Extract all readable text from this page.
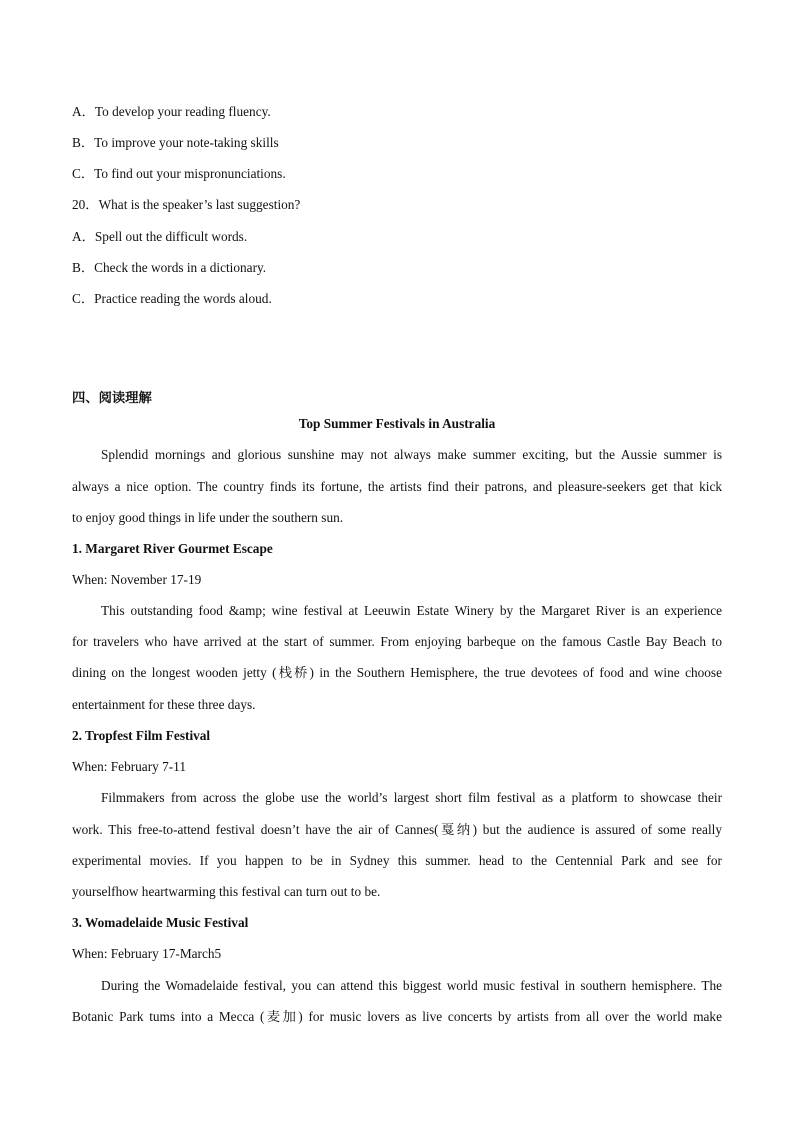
A．To develop your reading fluency.
B．To improve your note-taking skills
C．To find out your mispronunciations.
20．What is the speaker’s last suggestion?
A．Spell out the difficult words.
B．Check the words in a dictionary.
C．Practice reading the words aloud.
四、阅读理解
Top Summer Festivals in Australia
Splendid mornings and glorious sunshine may not always make summer exciting, but the Aussie summer is
always a nice option. The country finds its fortune, the artists find their patrons, and pleasure-seekers get that kick
to enjoy good things in life under the southern sun.
1. Margaret River Gourmet Escape
When: November 17-19
This outstanding food &amp; wine festival at Leeuwin Estate Winery by the Margaret River is an experience
for travelers who have arrived at the start of summer. From enjoying barbeque on the famous Castle Bay Beach to
dining on the longest wooden jetty (栈桥) in the Southern Hemisphere, the true devotees of food and wine choose
entertainment for these three days.
2. Tropfest Film Festival
When: February 7-11
Filmmakers from across the globe use the world’s largest short film festival as a platform to showcase their
work. This free-to-attend festival doesn’t have the air of Cannes(戛纳) but the audience is assured of some really
experimental movies. If you happen to be in Sydney this summer. head to the Centennial Park and see for
yourselfhow heartwarming this festival can turn out to be.
3. Womadelaide Music Festival
When: February 17-March5
During the Womadelaide festival, you can attend this biggest world music festival in southern hemisphere. The
Botanic Park tums into a Mecca (麦加) for music lovers as live concerts by artists from all over the world make
